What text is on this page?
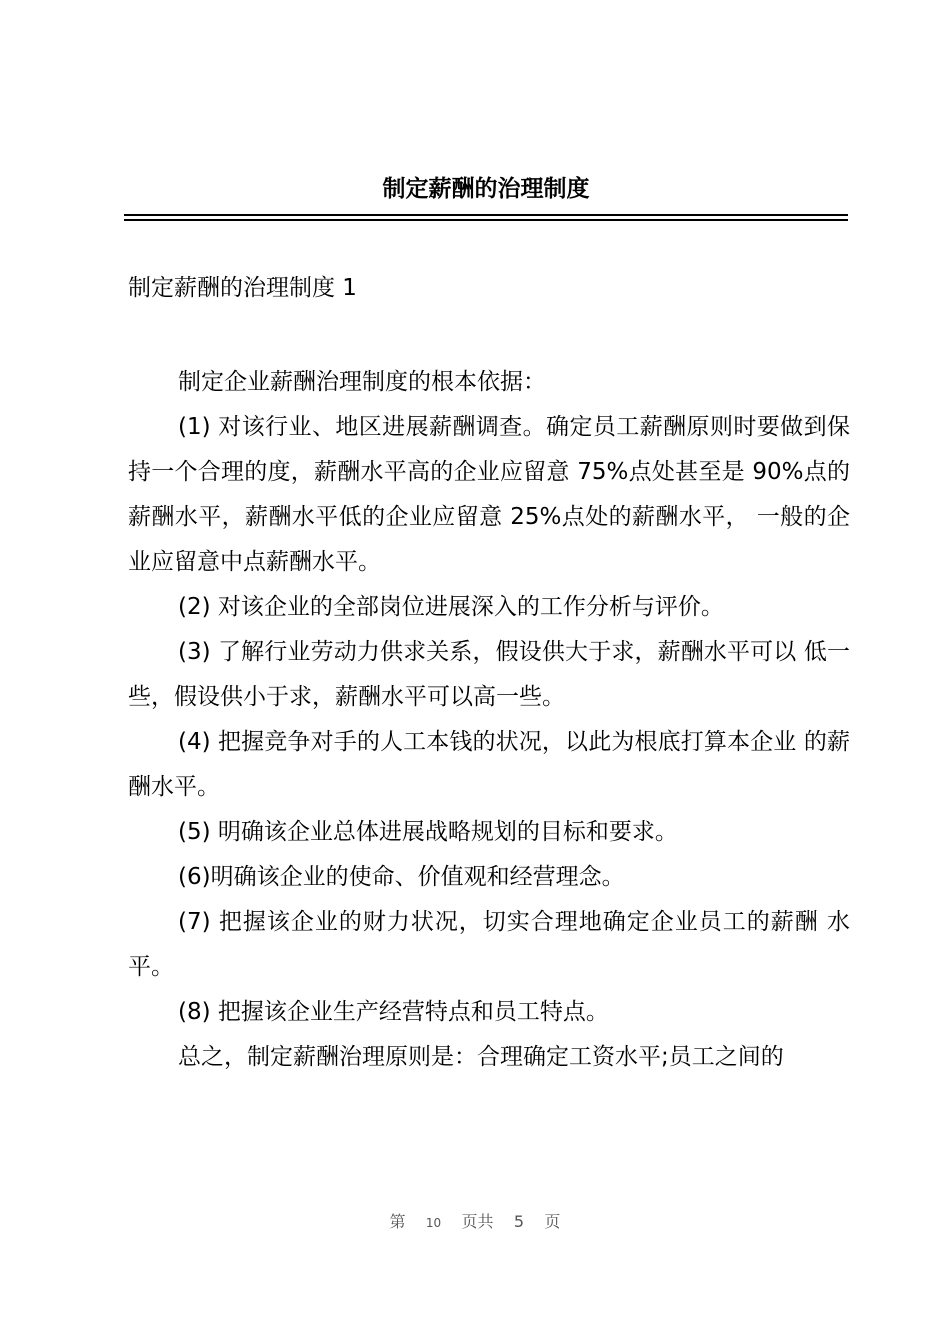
制定薪酬的治理制度
制定薪酬的治理制度 1

制定企业薪酬治理制度的根本依据：

(1) 对该行业、地区进展薪酬调查。确定员工薪酬原则时要做到保持一个合理的度，薪酬水平高的企业应留意 75%点处甚至是 90%点的薪酬水平，薪酬水平低的企业应留意 25%点处的薪酬水平， 一般的企业应留意中点薪酬水平。

(2) 对该企业的全部岗位进展深入的工作分析与评价。

(3) 了解行业劳动力供求关系，假设供大于求，薪酬水平可以 低一些，假设供小于求，薪酬水平可以高一些。

(4) 把握竞争对手的人工本钱的状况，以此为根底打算本企业 的薪酬水平。

(5) 明确该企业总体进展战略规划的目标和要求。

(6)明确该企业的使命、价值观和经营理念。

(7) 把握该企业的财力状况，切实合理地确定企业员工的薪酬 水平。

(8) 把握该企业生产经营特点和员工特点。

总之，制定薪酬治理原则是：合理确定工资水平;员工之间的

第 10 页共 5 页
